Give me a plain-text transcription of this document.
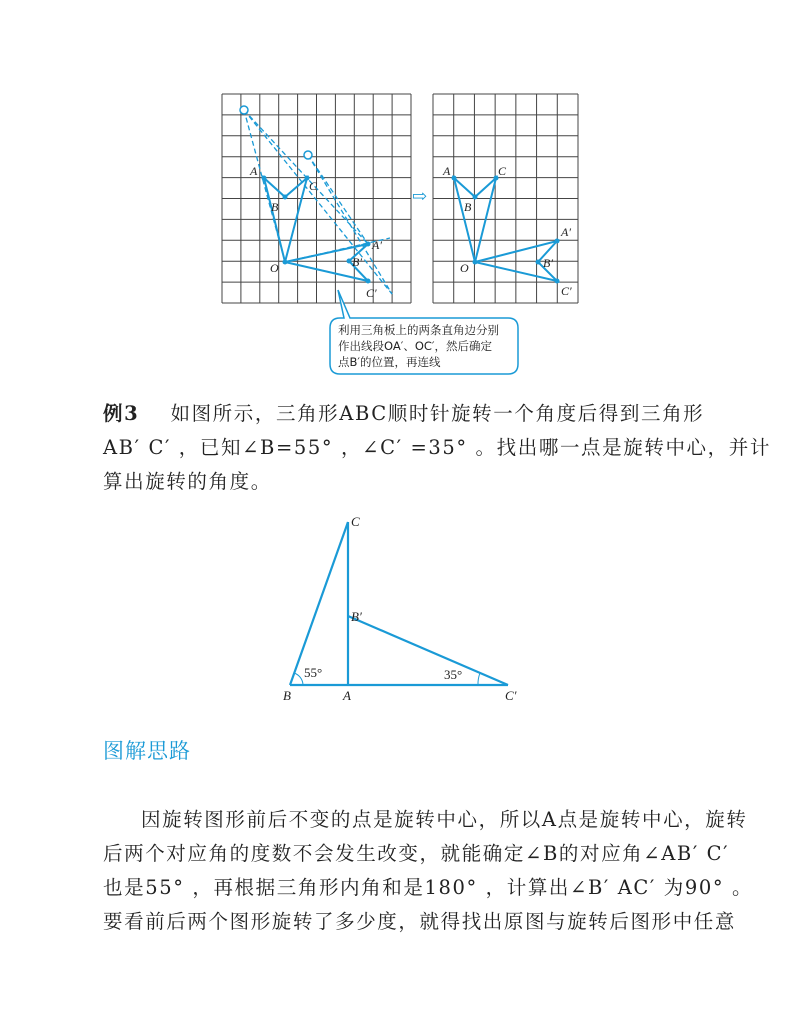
A
B
C
O
A′
B′
C′
⇨
A
B
C
O
A′
B′
C′
利用三角板上的两条直角边分别
作出线段OA′、OC′，然后确定
点B′的位置，再连线
例3 如图所示，三角形ABC顺时针旋转一个角度后得到三角形
AB′ C′ ，已知∠B=55° ，∠C′ =35° 。找出哪一点是旋转中心，并计
算出旋转的角度。
B	A
C
B′
C′
55°	35°
图解思路
因旋转图形前后不变的点是旋转中心，所以A点是旋转中心，旋转
后两个对应角的度数不会发生改变，就能确定∠B的对应角∠AB′ C′
也是55° ，再根据三角形内角和是180° ，计算出∠B′ AC′ 为90° 。
要看前后两个图形旋转了多少度，就得找出原图与旋转后图形中任意
